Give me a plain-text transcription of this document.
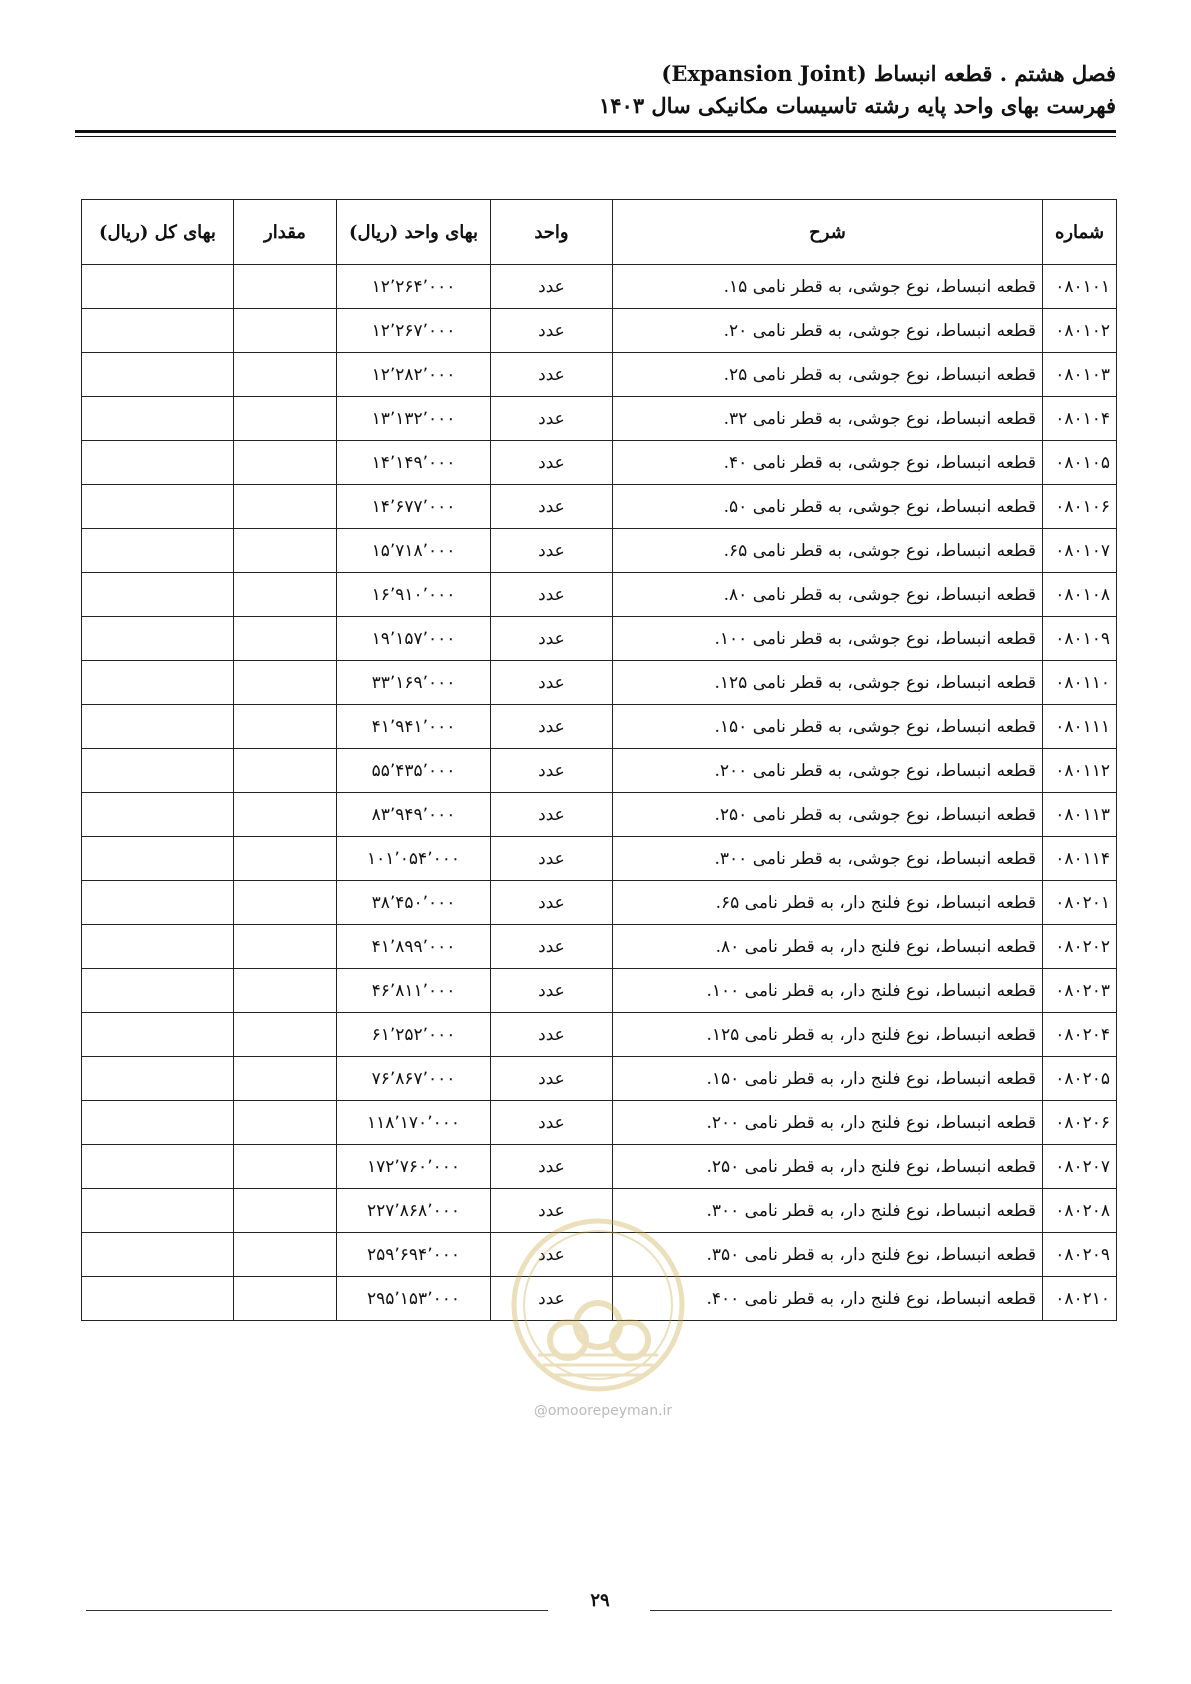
فصل هشتم . قطعه انبساط (Expansion Joint)
فهرست بهای واحد پایه رشته تاسیسات مکانیکی سال ۱۴۰۳
شماره	شرح	واحد	بهای واحد (ریال)	مقدار	بهای کل (ریال)
۰۸۰۱۰۱	قطعه انبساط، نوع جوشی، به قطر نامی ۱۵.	عدد	۱۲٬۲۶۴٬۰۰۰		
۰۸۰۱۰۲	قطعه انبساط، نوع جوشی، به قطر نامی ۲۰.	عدد	۱۲٬۲۶۷٬۰۰۰		
۰۸۰۱۰۳	قطعه انبساط، نوع جوشی، به قطر نامی ۲۵.	عدد	۱۲٬۲۸۲٬۰۰۰		
۰۸۰۱۰۴	قطعه انبساط، نوع جوشی، به قطر نامی ۳۲.	عدد	۱۳٬۱۳۲٬۰۰۰		
۰۸۰۱۰۵	قطعه انبساط، نوع جوشی، به قطر نامی ۴۰.	عدد	۱۴٬۱۴۹٬۰۰۰		
۰۸۰۱۰۶	قطعه انبساط، نوع جوشی، به قطر نامی ۵۰.	عدد	۱۴٬۶۷۷٬۰۰۰		
۰۸۰۱۰۷	قطعه انبساط، نوع جوشی، به قطر نامی ۶۵.	عدد	۱۵٬۷۱۸٬۰۰۰		
۰۸۰۱۰۸	قطعه انبساط، نوع جوشی، به قطر نامی ۸۰.	عدد	۱۶٬۹۱۰٬۰۰۰		
۰۸۰۱۰۹	قطعه انبساط، نوع جوشی، به قطر نامی ۱۰۰.	عدد	۱۹٬۱۵۷٬۰۰۰		
۰۸۰۱۱۰	قطعه انبساط، نوع جوشی، به قطر نامی ۱۲۵.	عدد	۳۳٬۱۶۹٬۰۰۰		
۰۸۰۱۱۱	قطعه انبساط، نوع جوشی، به قطر نامی ۱۵۰.	عدد	۴۱٬۹۴۱٬۰۰۰		
۰۸۰۱۱۲	قطعه انبساط، نوع جوشی، به قطر نامی ۲۰۰.	عدد	۵۵٬۴۳۵٬۰۰۰		
۰۸۰۱۱۳	قطعه انبساط، نوع جوشی، به قطر نامی ۲۵۰.	عدد	۸۳٬۹۴۹٬۰۰۰		
۰۸۰۱۱۴	قطعه انبساط، نوع جوشی، به قطر نامی ۳۰۰.	عدد	۱۰۱٬۰۵۴٬۰۰۰		
۰۸۰۲۰۱	قطعه انبساط، نوع فلنج دار، به قطر نامی ۶۵.	عدد	۳۸٬۴۵۰٬۰۰۰		
۰۸۰۲۰۲	قطعه انبساط، نوع فلنج دار، به قطر نامی ۸۰.	عدد	۴۱٬۸۹۹٬۰۰۰		
۰۸۰۲۰۳	قطعه انبساط، نوع فلنج دار، به قطر نامی ۱۰۰.	عدد	۴۶٬۸۱۱٬۰۰۰		
۰۸۰۲۰۴	قطعه انبساط، نوع فلنج دار، به قطر نامی ۱۲۵.	عدد	۶۱٬۲۵۲٬۰۰۰		
۰۸۰۲۰۵	قطعه انبساط، نوع فلنج دار، به قطر نامی ۱۵۰.	عدد	۷۶٬۸۶۷٬۰۰۰		
۰۸۰۲۰۶	قطعه انبساط، نوع فلنج دار، به قطر نامی ۲۰۰.	عدد	۱۱۸٬۱۷۰٬۰۰۰		
۰۸۰۲۰۷	قطعه انبساط، نوع فلنج دار، به قطر نامی ۲۵۰.	عدد	۱۷۲٬۷۶۰٬۰۰۰		
۰۸۰۲۰۸	قطعه انبساط، نوع فلنج دار، به قطر نامی ۳۰۰.	عدد	۲۲۷٬۸۶۸٬۰۰۰		
۰۸۰۲۰۹	قطعه انبساط، نوع فلنج دار، به قطر نامی ۳۵۰.	عدد	۲۵۹٬۶۹۴٬۰۰۰		
۰۸۰۲۱۰	قطعه انبساط، نوع فلنج دار، به قطر نامی ۴۰۰.	عدد	۲۹۵٬۱۵۳٬۰۰۰		
@omoorepeyman.ir
۲۹
